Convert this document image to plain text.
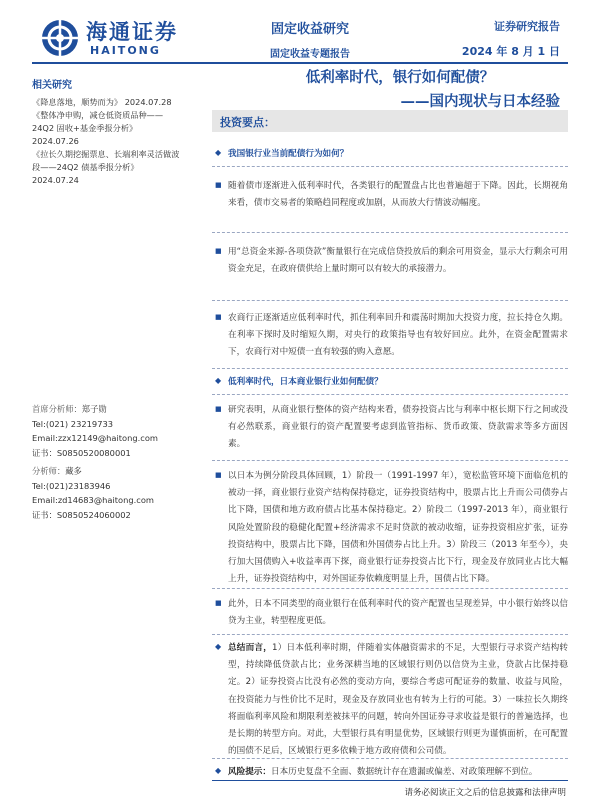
海通证券
HAITONG
固定收益研究
固定收益专题报告
证券研究报告
2024 年 8 月 1 日
相关研究
《降息落地，顺势而为》 2024.07.28
《整体净申购，减仓低资质品种——24Q2 固收+基金季报分析》 2024.07.26
《拉长久期挖掘票息、长端利率灵活做波段——24Q2 债基季报分析》 2024.07.24
首席分析师：郑子勋
Tel:(021) 23219733
Email:zzx12149@haitong.com
证书：S0850520080001
分析师：藏多
Tel:(021)23183946
Email:zd14683@haitong.com
证书：S0850524060002
低利率时代，银行如何配债？
——国内现状与日本经验
投资要点：
◆ 我国银行业当前配债行为如何？
■ 随着债市逐渐进入低利率时代，各类银行的配置盘占比也普遍超于下降。因此，长期视角来看，债市交易者的策略趋同程度或加剧，从而放大行情波动幅度。
■ 用“总资金来源-各项贷款”衡量银行在完成信贷投放后的剩余可用资金，显示大行剩余可用资金充足，在政府债供给上量时期可以有较大的承接潜力。
■ 农商行正逐渐适应低利率时代，抓住利率回升和震荡时期加大投资力度，拉长持仓久期。在利率下探时及时缩短久期，对央行的政策指导也有较好回应。此外，在资金配置需求下，农商行对中短债一直有较强的购入意愿。
◆ 低利率时代，日本商业银行业如何配债？
■ 研究表明，从商业银行整体的资产结构来看，债券投资占比与利率中枢长期下行之间或没有必然联系，商业银行的资产配置要考虑到监管指标、货币政策、贷款需求等多方面因素。
■ 以日本为例分阶段具体回顾，1）阶段一（1991-1997 年），宽松监管环境下面临危机的被动一择，商业银行业资产结构保持稳定，证券投资结构中，股票占比上升而公司债券占比下降，国债和地方政府债占比基本保持稳定。2）阶段二（1997-2013 年），商业银行风险处置阶段的稳健化配置+经济需求不足时贷款的被动收缩，证券投资相应扩张，证券投资结构中，股票占比下降，国债和外国债券占比上升。3）阶段三（2013 年至今），央行加大国债购入+收益率再下探，商业银行证券投资占比下行，现金及存放同业占比大幅上升，证券投资结构中，对外国证券依赖度明显上升，国债占比下降。
■ 此外，日本不同类型的商业银行在低利率时代的资产配置也呈现差异，中小银行始终以信贷为主业，转型程度更低。
◆ 总结而言，1）日本低利率时期，伴随着实体融资需求的不足，大型银行寻求资产结构转型，持续降低贷款占比；业务深耕当地的区域银行则仍以信贷为主业，贷款占比保持稳定。2）证券投资占比没有必然的变动方向，要综合考虑可配证券的数量、收益与风险，在投资能力与性价比不足时，现金及存放同业也有转为上行的可能。3）一味拉长久期终将面临利率风险和期限利差被抹平的问题，转向外国证券寻求收益是银行的普遍选择，也是长期的转型方向。对此，大型银行具有明显优势，区域银行则更为谨慎面析，在可配置的国债不足后，区域银行更多依赖于地方政府债和公司债。
◆ 风险提示：日本历史复盘不全面、数据统计存在遗漏或偏差、对政策理解不到位。
请务必阅读正文之后的信息披露和法律声明
